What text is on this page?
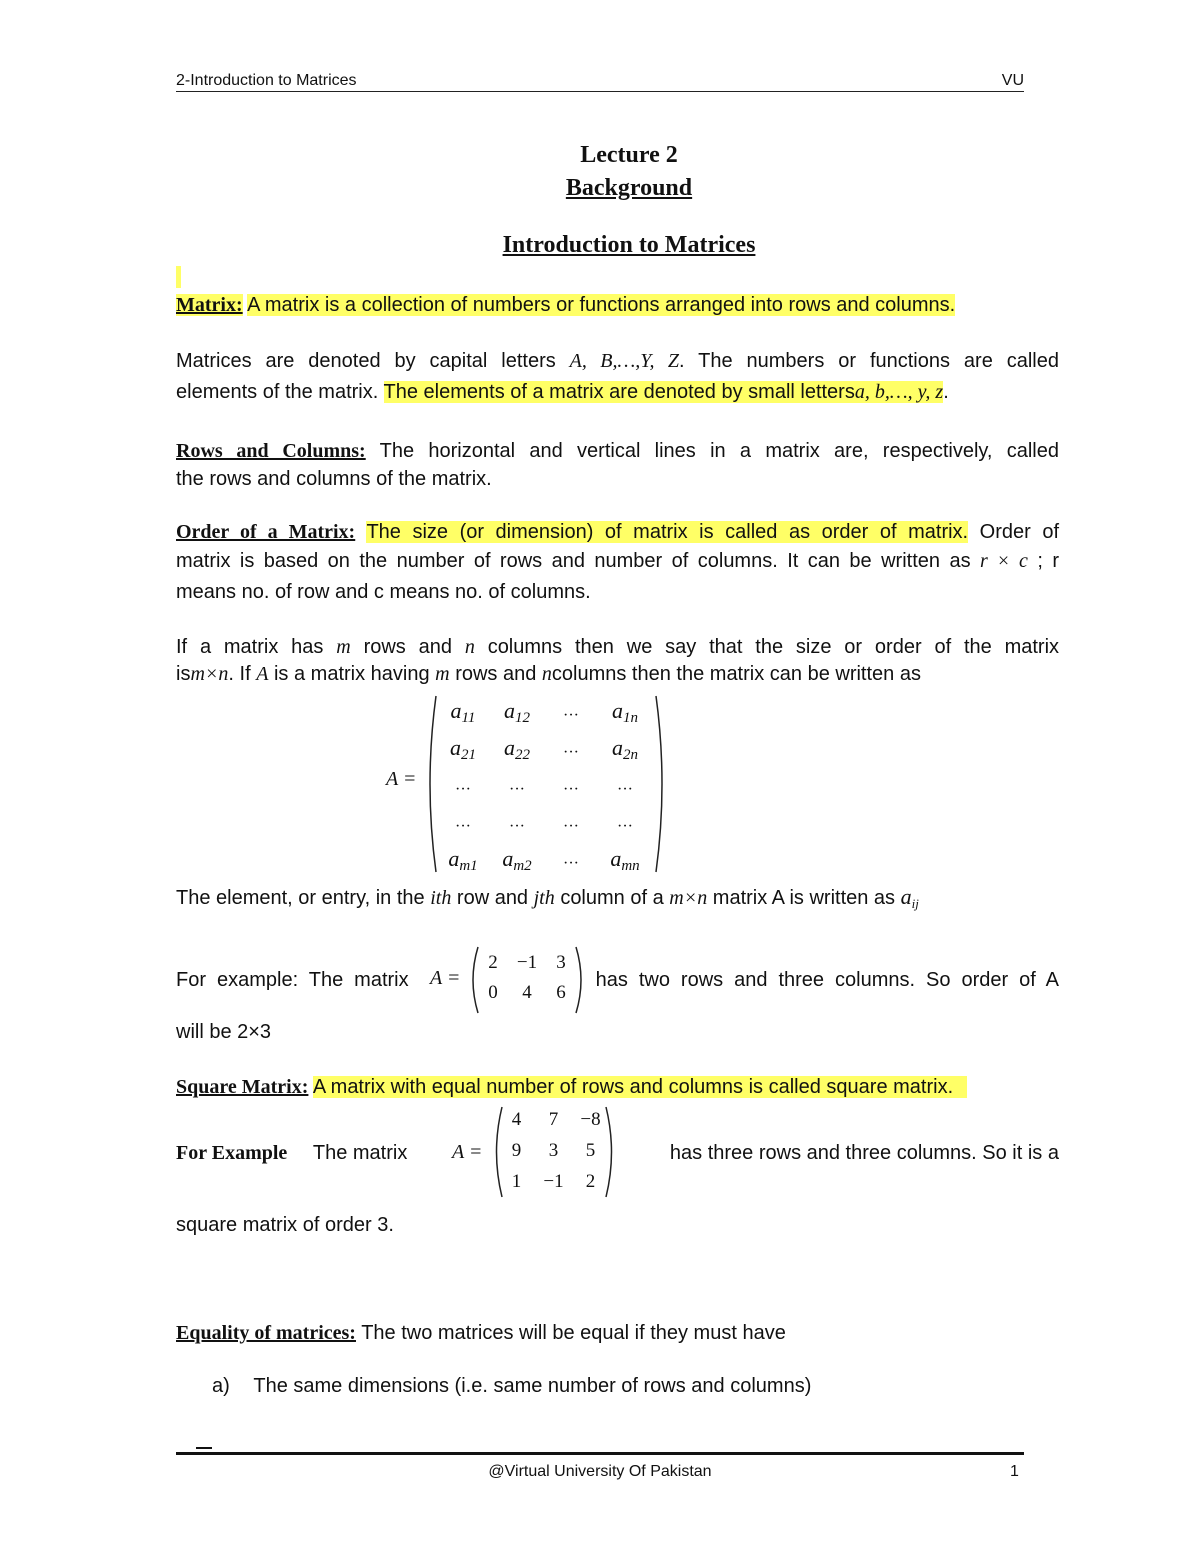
2-Introduction to Matrices	VU
Lecture 2
Background
Introduction to Matrices
Matrix: A matrix is a collection of numbers or functions arranged into rows and columns.
Matrices are denoted by capital letters A, B,…,Y, Z. The numbers or functions are called
elements of the matrix. The elements of a matrix are denoted by small lettersa, b,…, y, z.
Rows and Columns: The horizontal and vertical lines in a matrix are, respectively, called
the rows and columns of the matrix.
Order of a Matrix: The size (or dimension) of matrix is called as order of matrix. Order of
matrix is based on the number of rows and number of columns. It can be written as r × c ; r
means no. of row and c means no. of columns.
If a matrix has m rows and n columns then we say that the size or order of the matrix
ism×n. If A is a matrix having m rows and ncolumns then the matrix can be written as
A =
$a_{11}$	$a_{12}$	···	$a_{1n}$
$a_{21}$	$a_{22}$	···	$a_{2n}$
···	···	···	···
···	···	···	···
$a_{m1}$	$a_{m2}$	···	$a_{mn}$
The element, or entry, in the ith row and jth column of a m×n matrix A is written as $a_{ij}$
For example: The matrix	has two rows and three columns. So order of A
A =
2	−1	3
0	4	6
will be 2×3
Square Matrix: A matrix with equal number of rows and columns is called square matrix.
For Example The matrix	has three rows and three columns. So it is a
A =
4	7	−8
9	3	5
1	−1	2
square matrix of order 3.
Equality of matrices: The two matrices will be equal if they must have
a) The same dimensions (i.e. same number of rows and columns)
@Virtual University Of Pakistan	1
